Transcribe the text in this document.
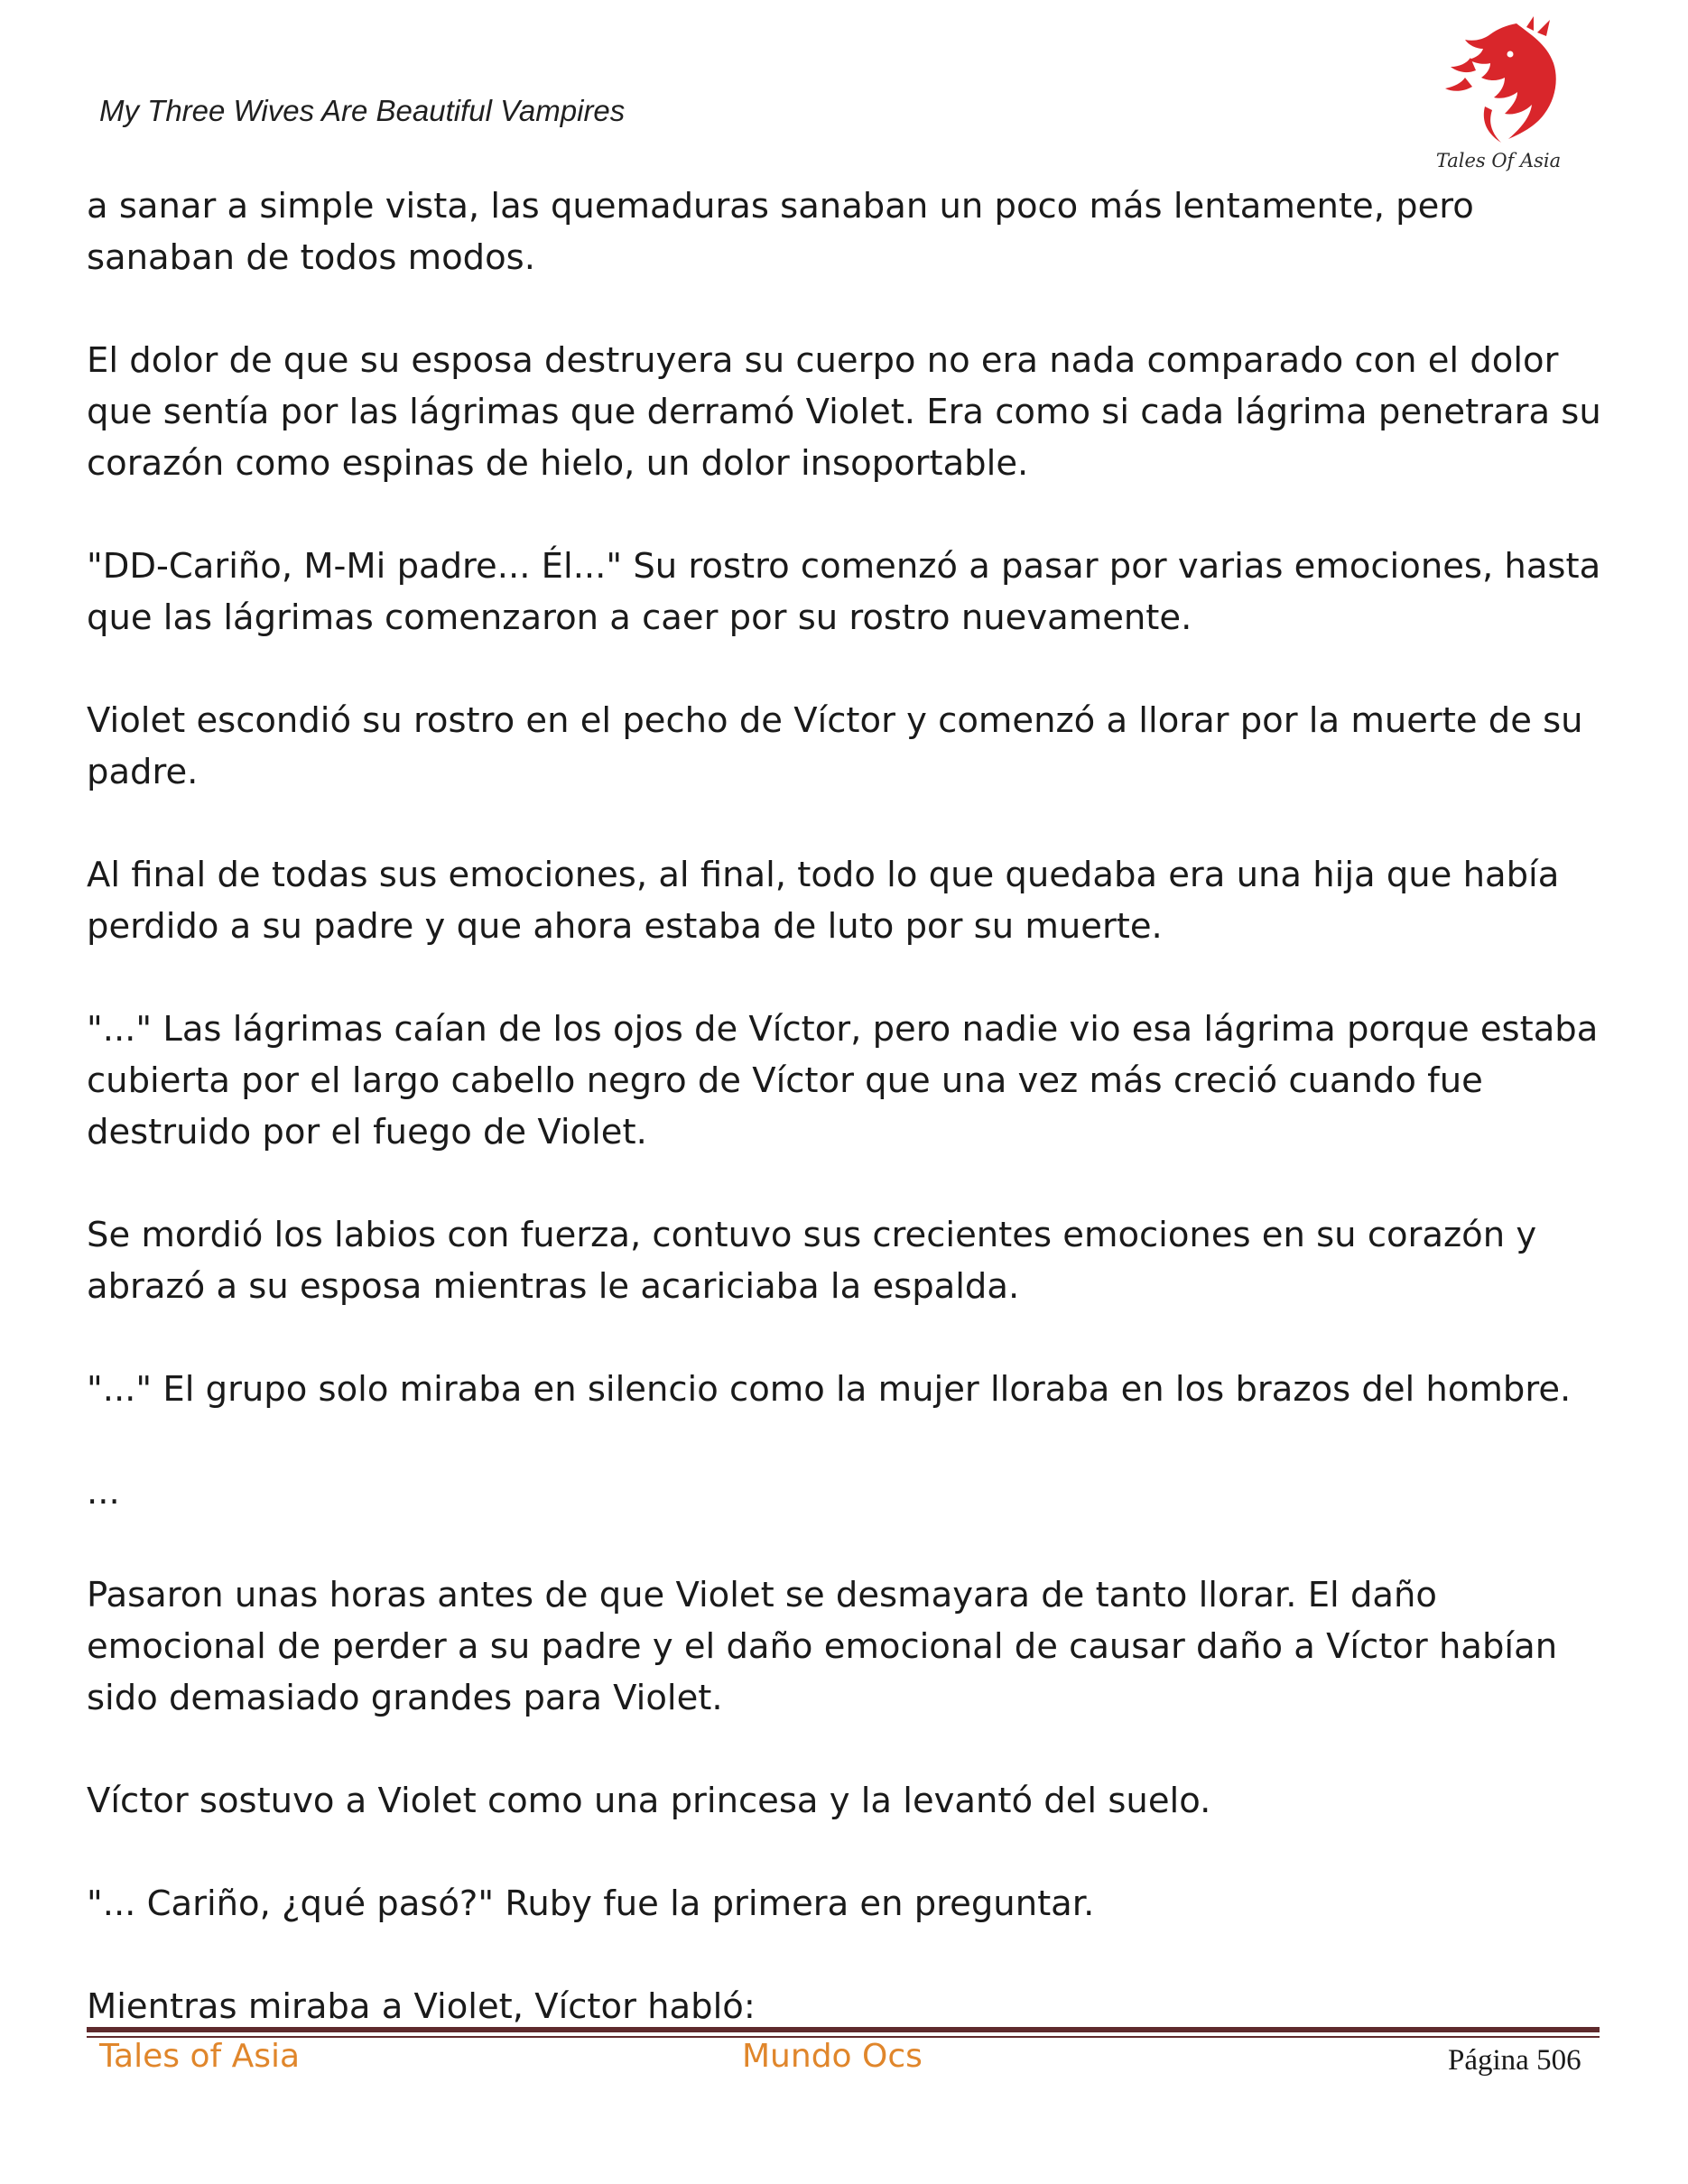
My Three Wives Are Beautiful Vampires
Tales Of Asia

a sanar a simple vista, las quemaduras sanaban un poco más lentamente, pero sanaban de todos modos.

El dolor de que su esposa destruyera su cuerpo no era nada comparado con el dolor que sentía por las lágrimas que derramó Violet. Era como si cada lágrima penetrara su corazón como espinas de hielo, un dolor insoportable.

"DD-Cariño, M-Mi padre... Él..." Su rostro comenzó a pasar por varias emociones, hasta que las lágrimas comenzaron a caer por su rostro nuevamente.

Violet escondió su rostro en el pecho de Víctor y comenzó a llorar por la muerte de su padre.

Al final de todas sus emociones, al final, todo lo que quedaba era una hija que había perdido a su padre y que ahora estaba de luto por su muerte.

"..." Las lágrimas caían de los ojos de Víctor, pero nadie vio esa lágrima porque estaba cubierta por el largo cabello negro de Víctor que una vez más creció cuando fue destruido por el fuego de Violet.

Se mordió los labios con fuerza, contuvo sus crecientes emociones en su corazón y abrazó a su esposa mientras le acariciaba la espalda.

"..." El grupo solo miraba en silencio como la mujer lloraba en los brazos del hombre.

...

Pasaron unas horas antes de que Violet se desmayara de tanto llorar. El daño emocional de perder a su padre y el daño emocional de causar daño a Víctor habían sido demasiado grandes para Violet.

Víctor sostuvo a Violet como una princesa y la levantó del suelo.

"... Cariño, ¿qué pasó?" Ruby fue la primera en preguntar.

Mientras miraba a Violet, Víctor habló:

Tales of Asia	Mundo Ocs	Página 506
